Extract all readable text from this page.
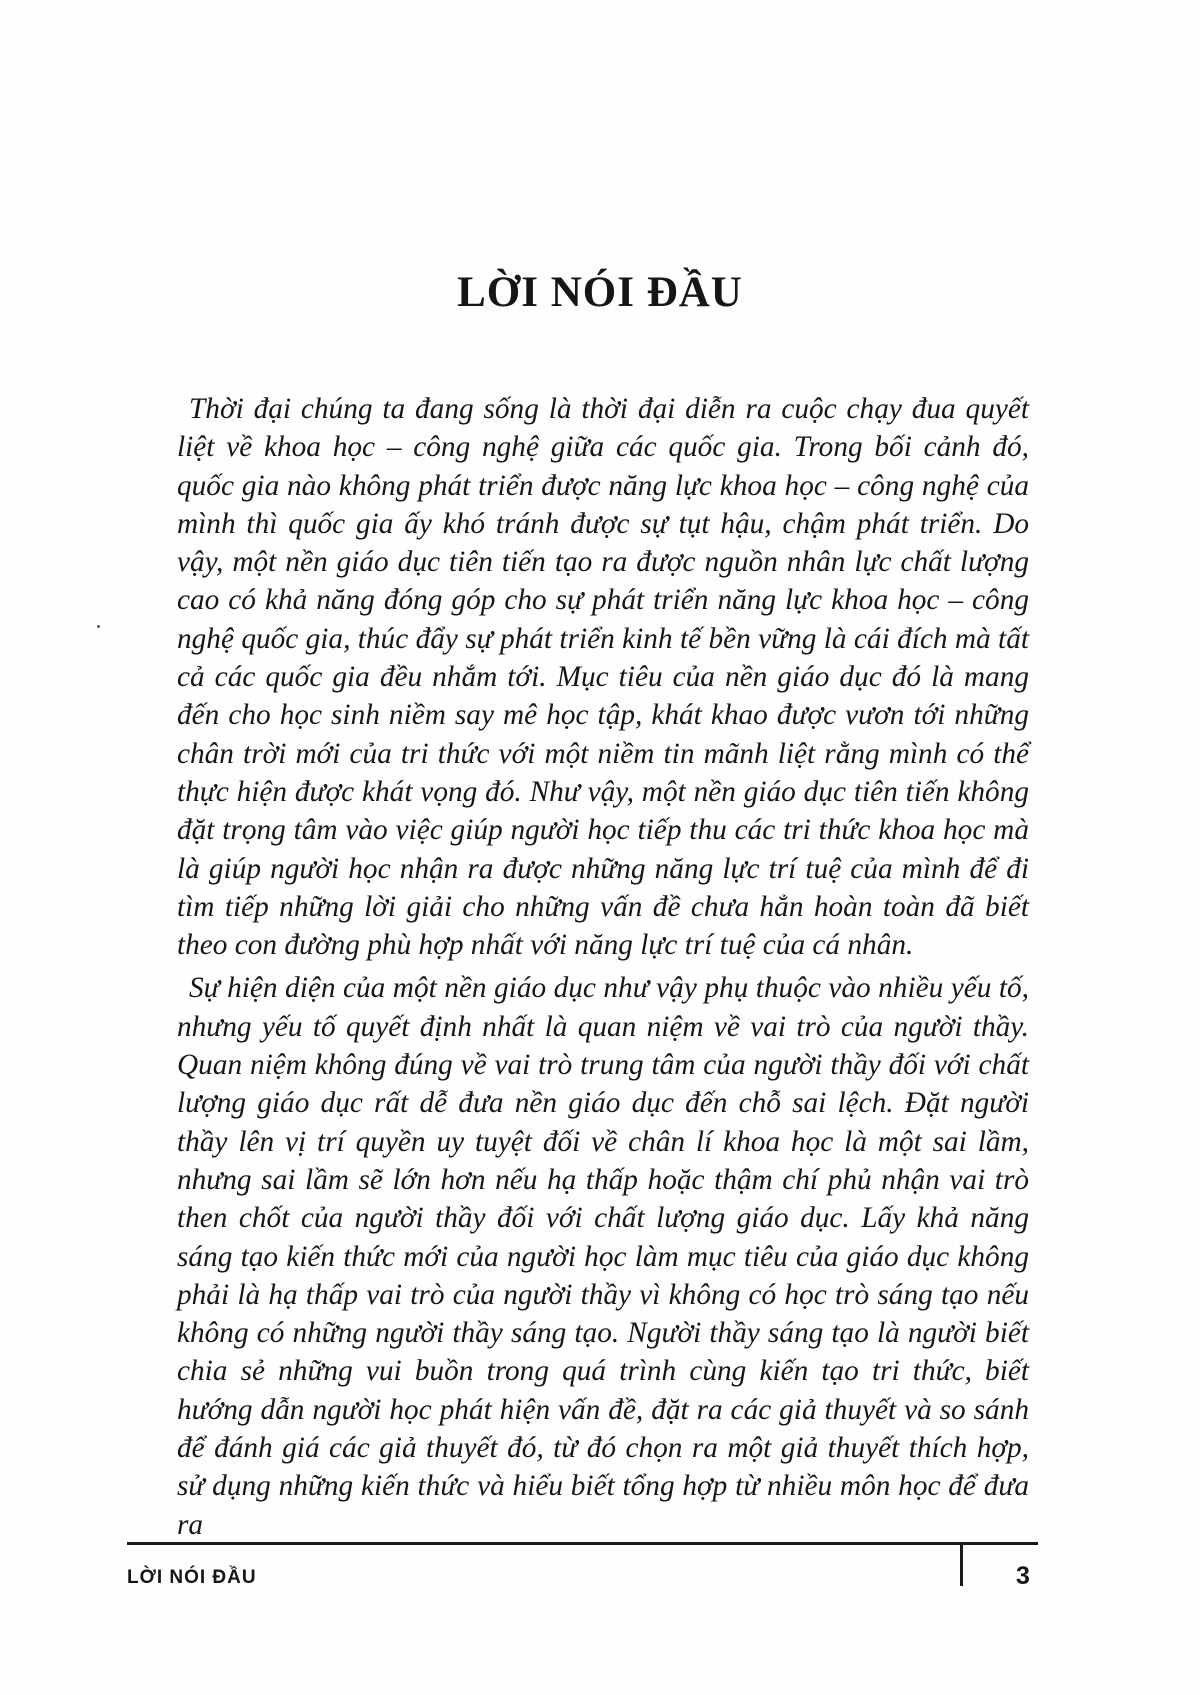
LỜI NÓI ĐẦU

Thời đại chúng ta đang sống là thời đại diễn ra cuộc chạy đua quyết liệt về khoa học – công nghệ giữa các quốc gia. Trong bối cảnh đó, quốc gia nào không phát triển được năng lực khoa học – công nghệ của mình thì quốc gia ấy khó tránh được sự tụt hậu, chậm phát triển. Do vậy, một nền giáo dục tiên tiến tạo ra được nguồn nhân lực chất lượng cao có khả năng đóng góp cho sự phát triển năng lực khoa học – công nghệ quốc gia, thúc đẩy sự phát triển kinh tế bền vững là cái đích mà tất cả các quốc gia đều nhắm tới. Mục tiêu của nền giáo dục đó là mang đến cho học sinh niềm say mê học tập, khát khao được vươn tới những chân trời mới của tri thức với một niềm tin mãnh liệt rằng mình có thể thực hiện được khát vọng đó. Như vậy, một nền giáo dục tiên tiến không đặt trọng tâm vào việc giúp người học tiếp thu các tri thức khoa học mà là giúp người học nhận ra được những năng lực trí tuệ của mình để đi tìm tiếp những lời giải cho những vấn đề chưa hẳn hoàn toàn đã biết theo con đường phù hợp nhất với năng lực trí tuệ của cá nhân.

Sự hiện diện của một nền giáo dục như vậy phụ thuộc vào nhiều yếu tố, nhưng yếu tố quyết định nhất là quan niệm về vai trò của người thầy. Quan niệm không đúng về vai trò trung tâm của người thầy đối với chất lượng giáo dục rất dễ đưa nền giáo dục đến chỗ sai lệch. Đặt người thầy lên vị trí quyền uy tuyệt đối về chân lí khoa học là một sai lầm, nhưng sai lầm sẽ lớn hơn nếu hạ thấp hoặc thậm chí phủ nhận vai trò then chốt của người thầy đối với chất lượng giáo dục. Lấy khả năng sáng tạo kiến thức mới của người học làm mục tiêu của giáo dục không phải là hạ thấp vai trò của người thầy vì không có học trò sáng tạo nếu không có những người thầy sáng tạo. Người thầy sáng tạo là người biết chia sẻ những vui buồn trong quá trình cùng kiến tạo tri thức, biết hướng dẫn người học phát hiện vấn đề, đặt ra các giả thuyết và so sánh để đánh giá các giả thuyết đó, từ đó chọn ra một giả thuyết thích hợp, sử dụng những kiến thức và hiểu biết tổng hợp từ nhiều môn học để đưa ra

LỜI NÓI ĐẦU	3
